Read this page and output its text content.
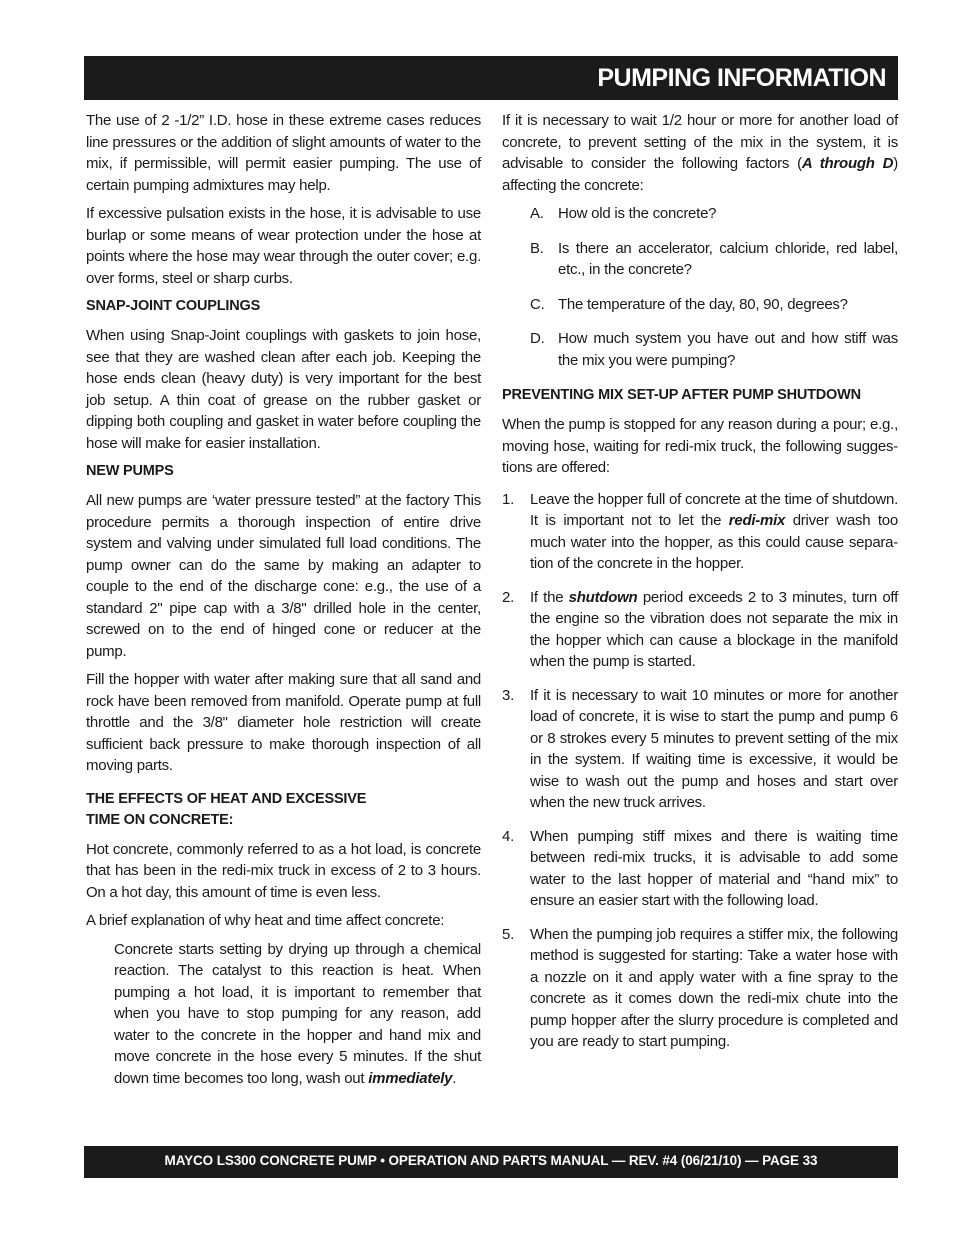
PUMPING INFORMATION

The use of 2 -1/2” I.D. hose in these extreme cases reduces line pressures or the addition of slight amounts of water to the mix, if permissible, will permit easier pumping. The use of certain pumping admixtures may help.

If excessive pulsation exists in the hose, it is advisable to use burlap or some means of wear protection under the hose at points where the hose may wear through the outer cover; e.g. over forms, steel or sharp curbs.

SNAP-JOINT COUPLINGS

When using Snap-Joint couplings with gaskets to join hose, see that they are washed clean after each job. Keeping the hose ends clean (heavy duty) is very important for the best job setup. A thin coat of grease on the rubber gasket or dipping both coupling and gasket in water before coupling the hose will make for easier installation.

NEW PUMPS

All new pumps are ‘water pressure tested” at the factory This procedure permits a thorough inspection of entire drive system and valving under simulated full load conditions. The pump owner can do the same by making an adapter to couple to the end of the discharge cone: e.g., the use of a standard 2" pipe cap with a 3/8" drilled hole in the center, screwed on to the end of hinged cone or reducer at the pump.

Fill the hopper with water after making sure that all sand and rock have been removed from manifold. Operate pump at full throttle and the 3/8" diameter hole restriction will create sufficient back pressure to make thorough inspection of all moving parts.

THE EFFECTS OF HEAT AND EXCESSIVE
TIME ON CONCRETE:

Hot concrete, commonly referred to as a hot load, is concrete that has been in the redi-mix truck in excess of 2 to 3 hours. On a hot day, this amount of time is even less.

A brief explanation of why heat and time affect concrete:

Concrete starts setting by drying up through a chemical reaction. The catalyst to this reaction is heat. When pumping a hot load, it is important to remember that when you have to stop pumping for any reason, add water to the concrete in the hopper and hand mix and move concrete in the hose every 5 minutes. If the shut down time becomes too long, wash out immediately.

If it is necessary to wait 1/2 hour or more for another load of concrete, to prevent setting of the mix in the system, it is advisable to consider the following factors (A through D) affecting the concrete:

A. How old is the concrete?
B. Is there an accelerator, calcium chloride, red label, etc., in the concrete?
C. The temperature of the day, 80, 90, degrees?
D. How much system you have out and how stiff was the mix you were pumping?
PREVENTING MIX SET-UP AFTER PUMP SHUTDOWN

When the pump is stopped for any reason during a pour; e.g., moving hose, waiting for redi-mix truck, the following sugges-tions are offered:

1. Leave the hopper full of concrete at the time of shutdown. It is important not to let the redi-mix driver wash too much water into the hopper, as this could cause separa-tion of the concrete in the hopper.
2. If the shutdown period exceeds 2 to 3 minutes, turn off the engine so the vibration does not separate the mix in the hopper which can cause a blockage in the manifold when the pump is started.
3. If it is necessary to wait 10 minutes or more for another load of concrete, it is wise to start the pump and pump 6 or 8 strokes every 5 minutes to prevent setting of the mix in the system. If waiting time is excessive, it would be wise to wash out the pump and hoses and start over when the new truck arrives.
4. When pumping stiff mixes and there is waiting time between redi-mix trucks, it is advisable to add some water to the last hopper of material and “hand mix” to ensure an easier start with the following load.
5. When the pumping job requires a stiffer mix, the following method is suggested for starting: Take a water hose with a nozzle on it and apply water with a fine spray to the concrete as it comes down the redi-mix chute into the pump hopper after the slurry procedure is completed and you are ready to start pumping.
MAYCO LS300 CONCRETE PUMP • OPERATION AND PARTS MANUAL — REV. #4 (06/21/10) — PAGE 33
